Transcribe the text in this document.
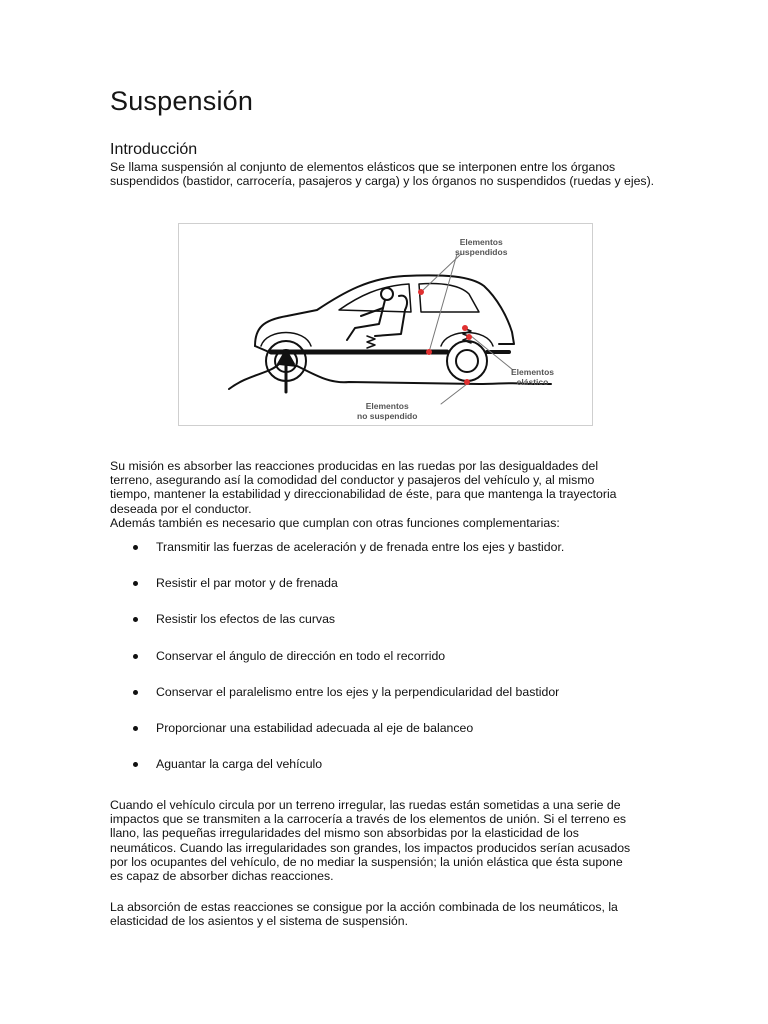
Suspensión
Introducción

Se llama suspensión al conjunto de elementos elásticos que se interponen entre los órganos suspendidos (bastidor, carrocería, pasajeros y carga) y los órganos no suspendidos (ruedas y ejes).

Elementos
suspendidos
Elementos
elástico
Elementos
no suspendido

Su misión es absorber las reacciones producidas en las ruedas por las desigualdades del
terreno, asegurando así la comodidad del conductor y pasajeros del vehículo y, al mismo
tiempo, mantener la estabilidad y direccionabilidad de éste, para que mantenga la trayectoria
deseada por el conductor.
Además también es necesario que cumplan con otras funciones complementarias:

Transmitir las fuerzas de aceleración y de frenada entre los ejes y bastidor.
Resistir el par motor y de frenada
Resistir los efectos de las curvas
Conservar el ángulo de dirección en todo el recorrido
Conservar el paralelismo entre los ejes y la perpendicularidad del bastidor
Proporcionar una estabilidad adecuada al eje de balanceo
Aguantar la carga del vehículo

Cuando el vehículo circula por un terreno irregular, las ruedas están sometidas a una serie de
impactos que se transmiten a la carrocería a través de los elementos de unión. Si el terreno es
llano, las pequeñas irregularidades del mismo son absorbidas por la elasticidad de los
neumáticos. Cuando las irregularidades son grandes, los impactos producidos serían acusados
por los ocupantes del vehículo, de no mediar la suspensión; la unión elástica que ésta supone
es capaz de absorber dichas reacciones.

La absorción de estas reacciones se consigue por la acción combinada de los neumáticos, la
elasticidad de los asientos y el sistema de suspensión.
